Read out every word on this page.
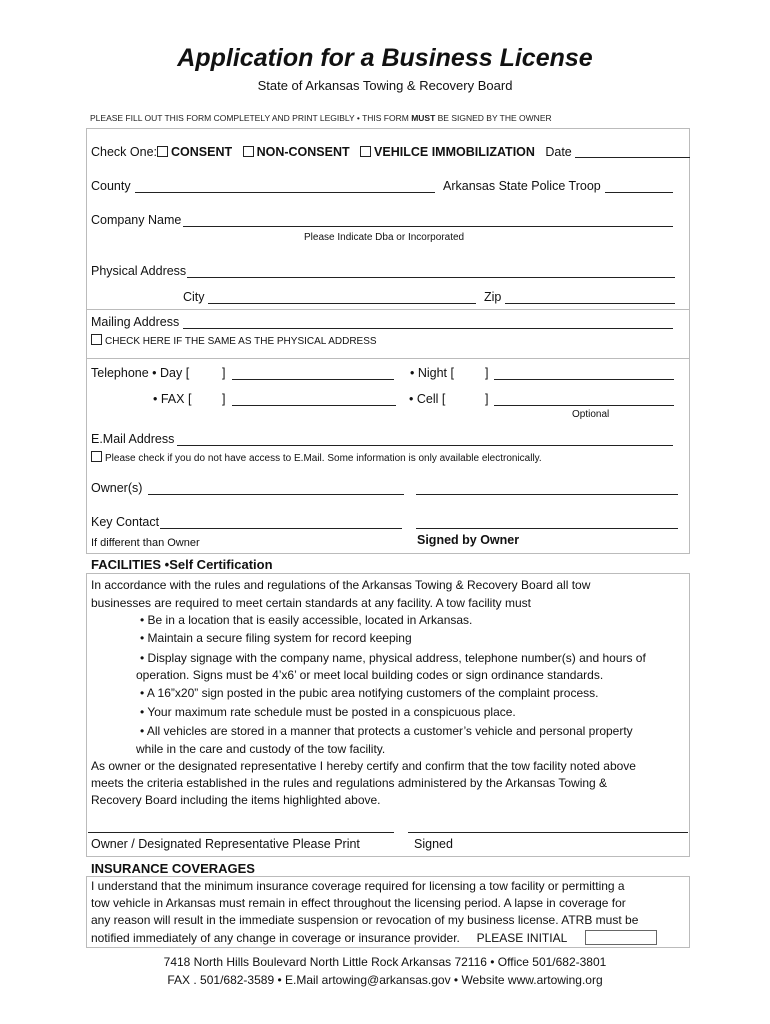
Application for a Business License
State of Arkansas Towing & Recovery Board
PLEASE FILL OUT THIS FORM COMPLETELY AND PRINT LEGIBLY • THIS FORM MUST BE SIGNED BY THE OWNER
Check One: CONSENT NON-CONSENT VEHILCE IMMOBILIZATION Date
County	Arkansas State Police Troop
Company Name
Please Indicate Dba or Incorporated
Physical Address
City	Zip
Mailing Address
CHECK HERE IF THE SAME AS THE PHYSICAL ADDRESS
Telephone • Day [	]	• Night [ ]
• FAX [ ]	• Cell [	]
Optional
E.Mail Address
Please check if you do not have access to E.Mail. Some information is only available electronically.
Owner(s)
Key Contact
If different than Owner	Signed by Owner
FACILITIES •Self Certification
In accordance with the rules and regulations of the Arkansas Towing & Recovery Board all tow
businesses are required to meet certain standards at any facility. A tow facility must
• Be in a location that is easily accessible, located in Arkansas.
• Maintain a secure filing system for record keeping
• Display signage with the company name, physical address, telephone number(s) and hours of
operation. Signs must be 4’x6’ or meet local building codes or sign ordinance standards.
• A 16”x20” sign posted in the pubic area notifying customers of the complaint process.
• Your maximum rate schedule must be posted in a conspicuous place.
• All vehicles are stored in a manner that protects a customer’s vehicle and personal property
while in the care and custody of the tow facility.
As owner or the designated representative I hereby certify and confirm that the tow facility noted above
meets the criteria established in the rules and regulations administered by the Arkansas Towing &
Recovery Board including the items highlighted above.
Owner / Designated Representative Please Print	Signed
INSURANCE COVERAGES
I understand that the minimum insurance coverage required for licensing a tow facility or permitting a
tow vehicle in Arkansas must remain in effect throughout the licensing period. A lapse in coverage for
any reason will result in the immediate suspension or revocation of my business license. ATRB must be
notified immediately of any change in coverage or insurance provider. PLEASE INITIAL
7418 North Hills Boulevard North Little Rock Arkansas 72116 • Office 501/682-3801
FAX . 501/682-3589 • E.Mail artowing@arkansas.gov • Website www.artowing.org
